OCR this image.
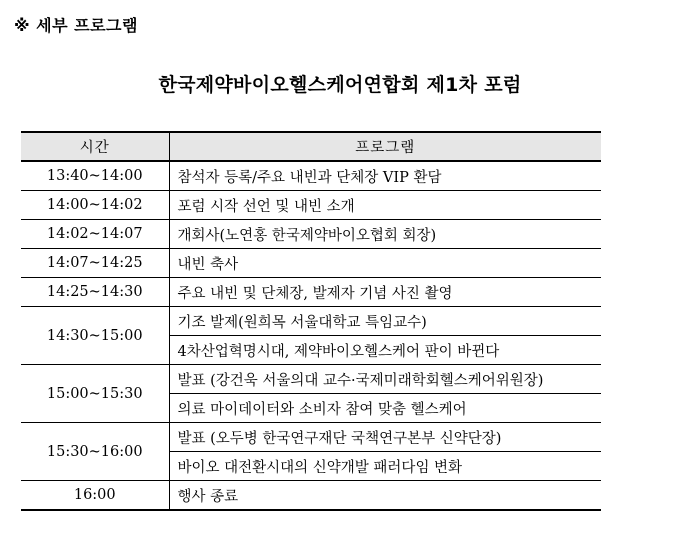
※ 세부 프로그램
한국제약바이오헬스케어연합회 제1차 포럼
시간	프로그램
13:40~14:00	참석자 등록/주요 내빈과 단체장 VIP 환담
14:00~14:02	포럼 시작 선언 및 내빈 소개
14:02~14:07	개회사(노연홍 한국제약바이오협회 회장)
14:07~14:25	내빈 축사
14:25~14:30	주요 내빈 및 단체장, 발제자 기념 사진 촬영
14:30~15:00	기조 발제(원희목 서울대학교 특임교수)
	4차산업혁명시대, 제약바이오헬스케어 판이 바뀐다
15:00~15:30	발표 (강건욱 서울의대 교수·국제미래학회헬스케어위원장)
	의료 마이데이터와 소비자 참여 맞춤 헬스케어
15:30~16:00	발표 (오두병 한국연구재단 국책연구본부 신약단장)
	바이오 대전환시대의 신약개발 패러다임 변화
16:00	행사 종료
